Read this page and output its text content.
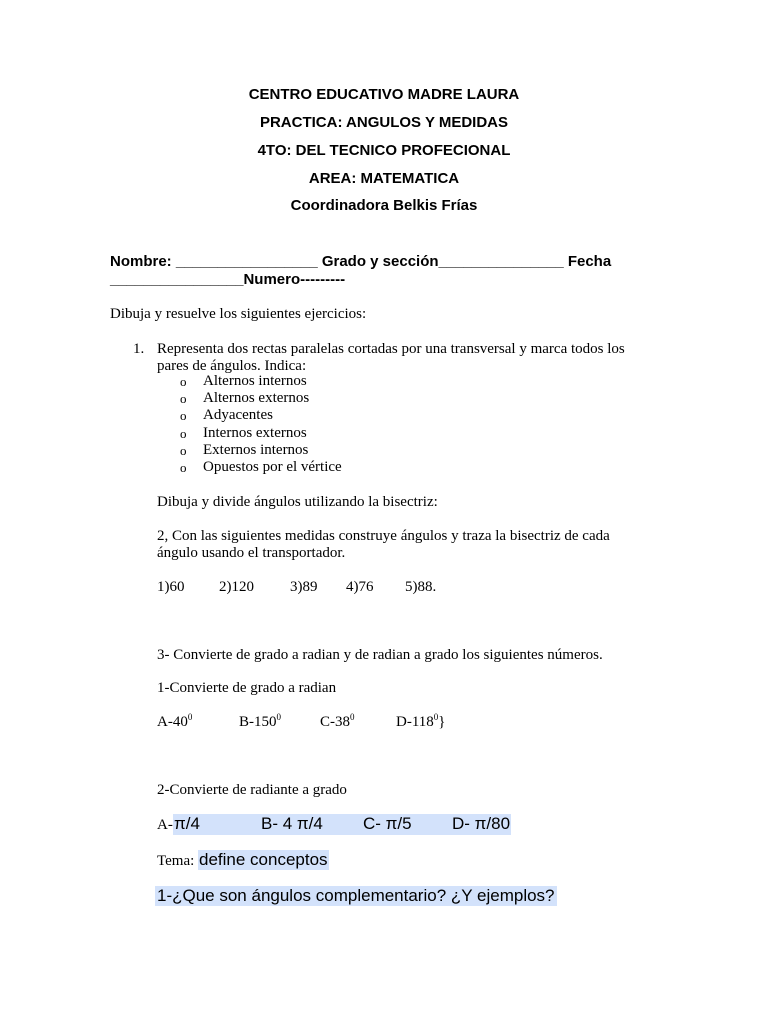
CENTRO EDUCATIVO MADRE LAURA
PRACTICA: ANGULOS Y MEDIDAS
4TO: DEL TECNICO PROFECIONAL
AREA: MATEMATICA
Coordinadora Belkis Frías
Nombre: _________________ Grado y sección_______________ Fecha
________________Numero---------
Dibuja y resuelve los siguientes ejercicios:
1. Representa dos rectas paralelas cortadas por una transversal y marca todos los
pares de ángulos. Indica:
o Alternos internos
o Alternos externos
o Adyacentes
o Internos externos
o Externos internos
o Opuestos por el vértice
Dibuja y divide ángulos utilizando la bisectriz:
2, Con las siguientes medidas construye ángulos y traza la bisectriz de cada
ángulo usando el transportador.
1)60 2)120 3)89 4)76 5)88.
3- Convierte de grado a radian y de radian a grado los siguientes números.
1-Convierte de grado a radian
$A-40^0$	$B-150^0$	$C-38^0$	$D-118^0$}
2-Convierte de radiante a grado
A- π/4	B- 4 π/4 C- π/5 D- π/80
Tema: define conceptos
1-¿Que son ángulos complementario? ¿Y ejemplos?
